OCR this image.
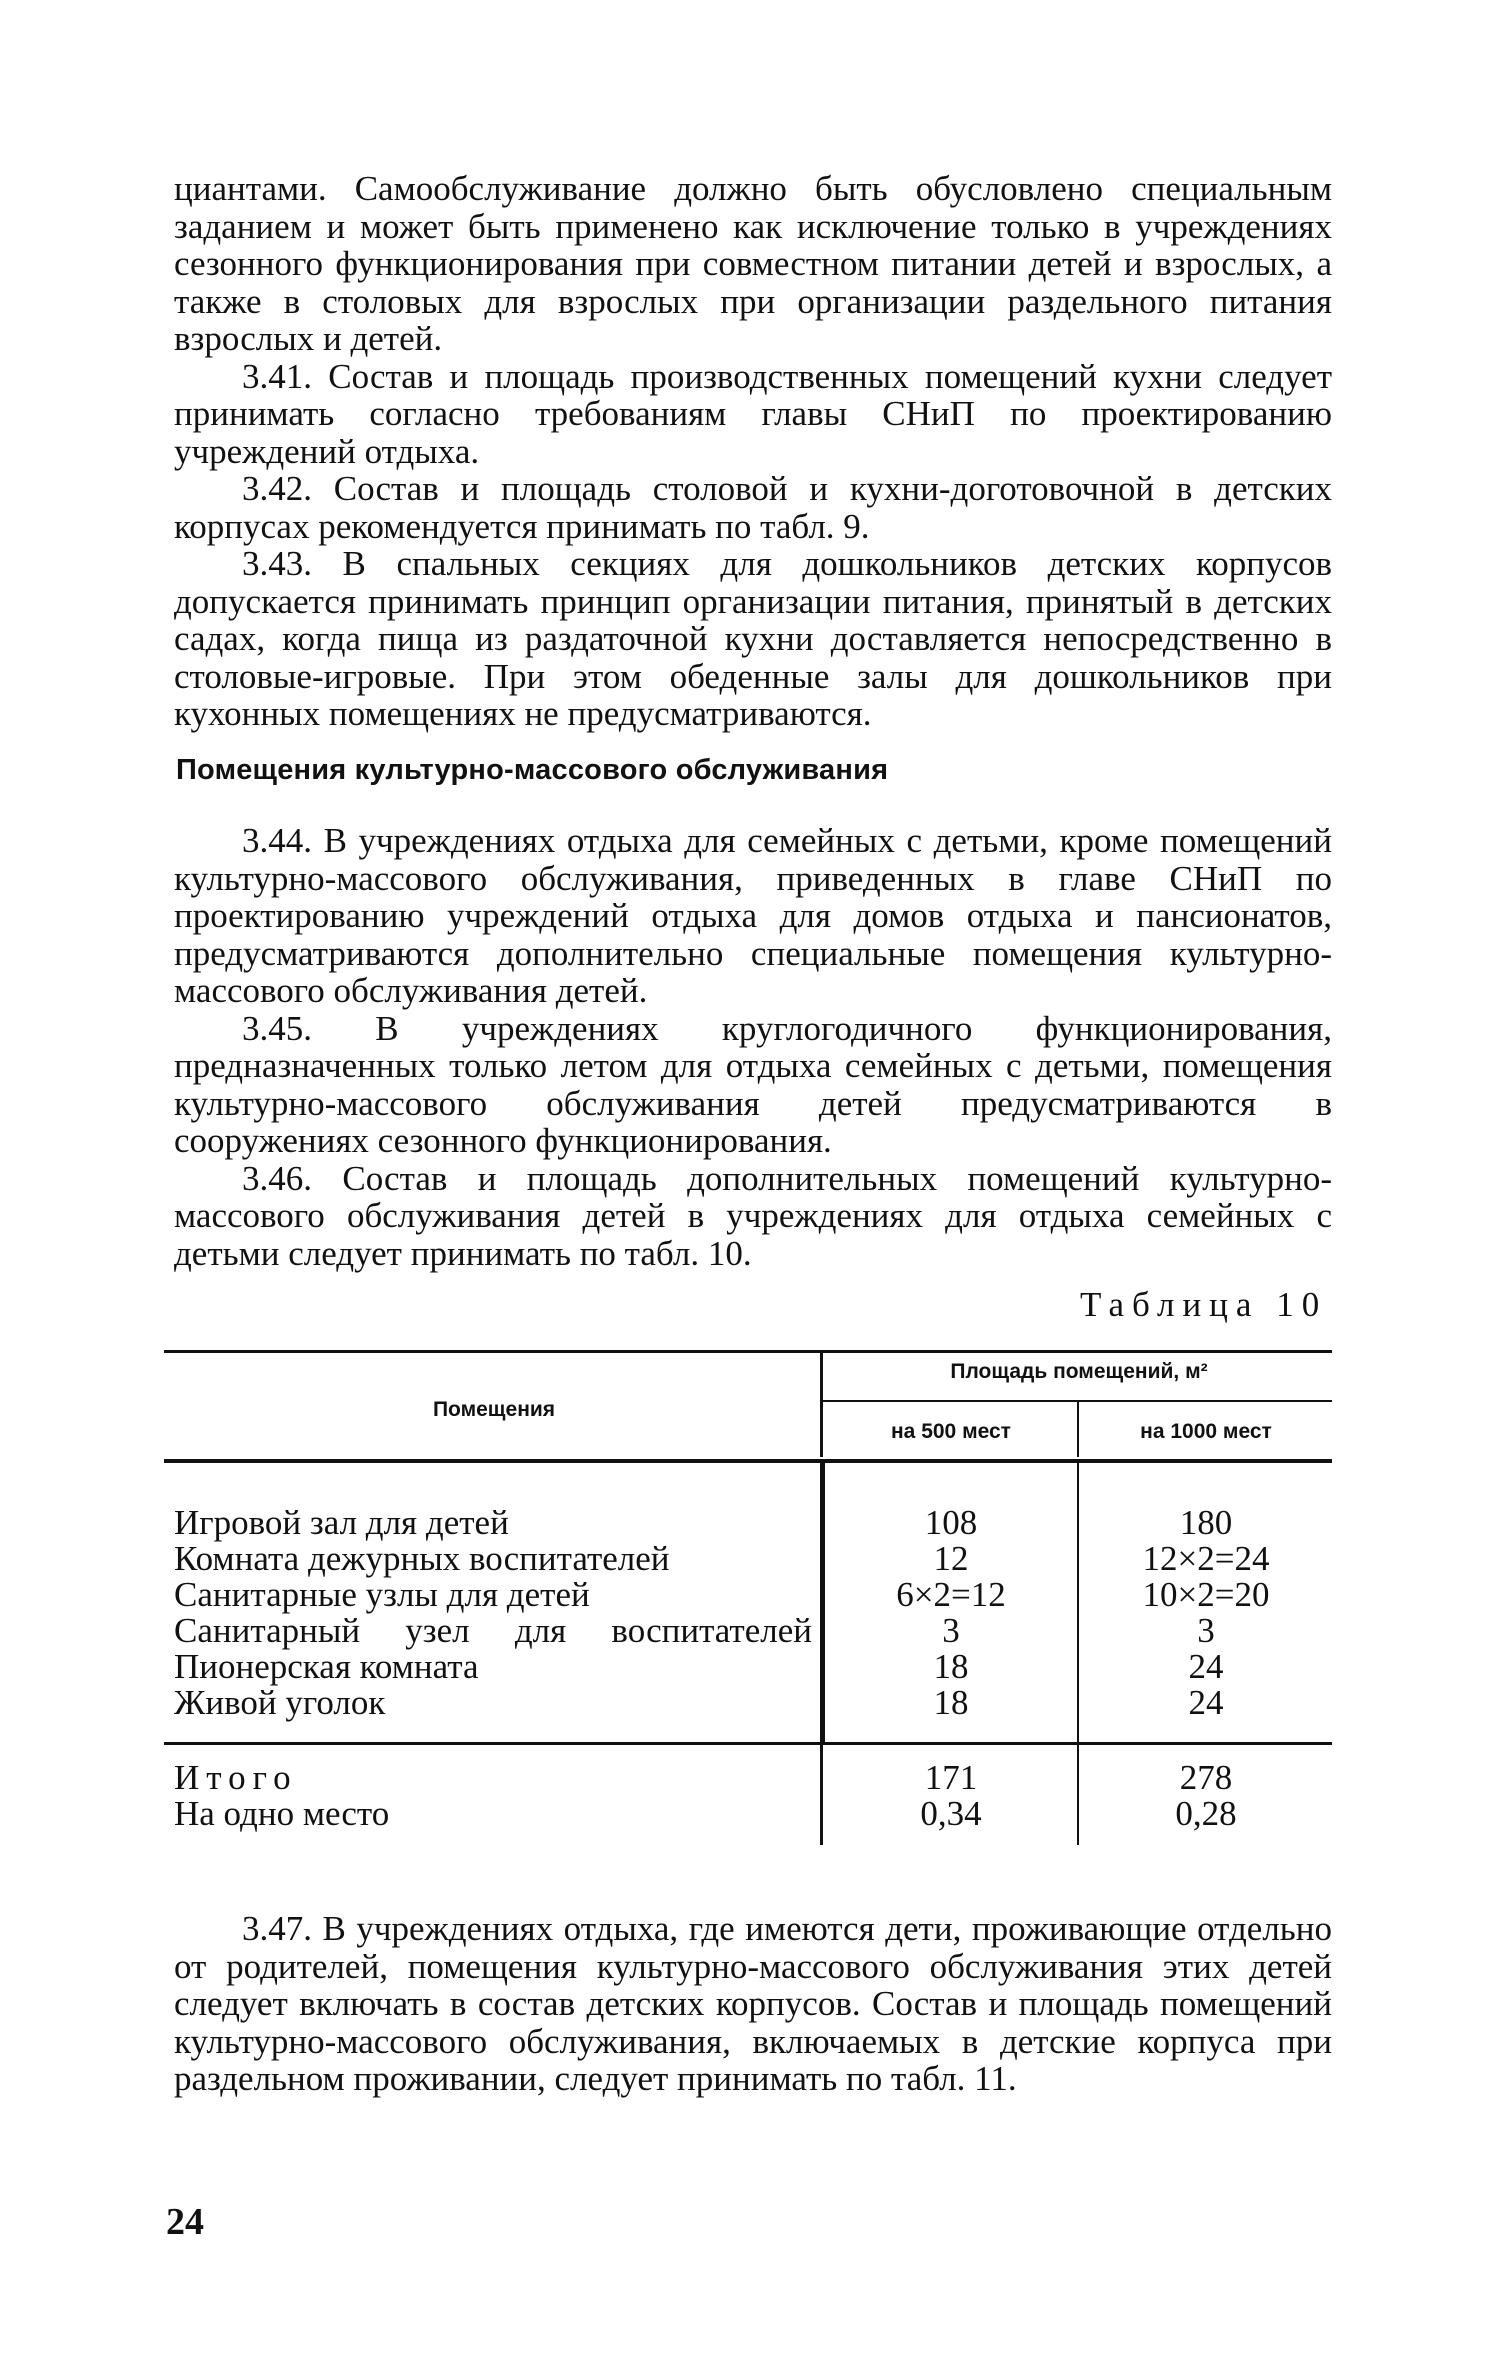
циантами. Самообслуживание должно быть обусловлено специальным заданием и может быть применено как исключение только в учреждениях сезонного функционирования при совместном питании детей и взрослых, а также в столовых для взрослых при организации раздельного питания взрослых и детей.

3.41. Состав и площадь производственных помещений кухни следует принимать согласно требованиям главы СНиП по проектированию учреждений отдыха.

3.42. Состав и площадь столовой и кухни-доготовочной в детских корпусах рекомендуется принимать по табл. 9.

3.43. В спальных секциях для дошкольников детских корпусов допускается принимать принцип организации питания, принятый в детских садах, когда пища из раздаточной кухни доставляется непосредственно в столовые-игровые. При этом обеденные залы для дошкольников при кухонных помещениях не предусматриваются.

Помещения культурно-массового обслуживания

3.44. В учреждениях отдыха для семейных с детьми, кроме помещений культурно-массового обслуживания, приведенных в главе СНиП по проектированию учреждений отдыха для домов отдыха и пансионатов, предусматриваются дополнительно специальные помещения культурно-массового обслуживания детей.

3.45. В учреждениях круглогодичного функционирования, предназначенных только летом для отдыха семейных с детьми, помещения культурно-массового обслуживания детей предусматриваются в сооружениях сезонного функционирования.

3.46. Состав и площадь дополнительных помещений культурно-массового обслуживания детей в учреждениях для отдыха семейных с детьми следует принимать по табл. 10.

Таблица 10
Помещения
Площадь помещений, м²
на 500 мест	на 1000 мест
Игровой зал для детей	108	180
Комната дежурных воспитателей	12	12×2=24
Санитарные узлы для детей	6×2=12	10×2=20
Санитарный узел для воспитателей	3	3
Пионерская комната	18	24
Живой уголок	18	24
Итого	171	278
На одно место	0,34	0,28

3.47. В учреждениях отдыха, где имеются дети, проживающие отдельно от родителей, помещения культурно-массового обслуживания этих детей следует включать в состав детских корпусов. Состав и площадь помещений культурно-массового обслуживания, включаемых в детские корпуса при раздельном проживании, следует принимать по табл. 11.

24
